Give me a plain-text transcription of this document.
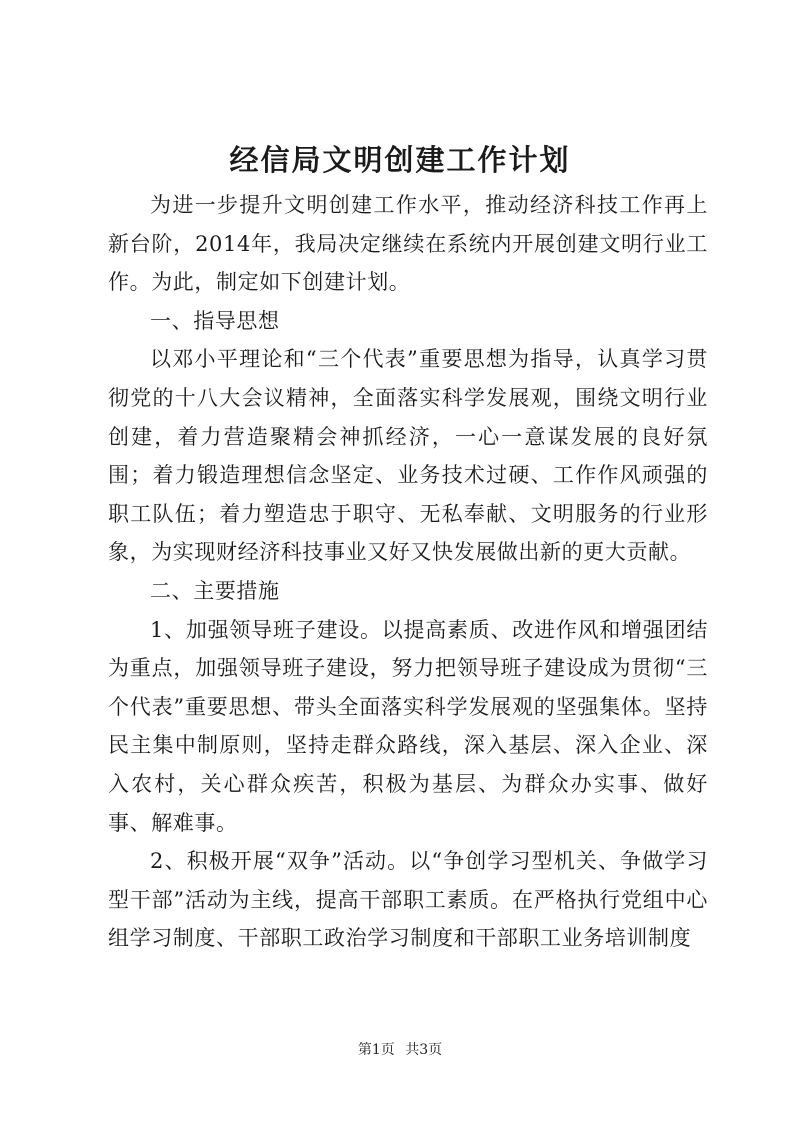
经信局文明创建工作计划

为进一步提升文明创建工作水平，推动经济科技工作再上新台阶，2014年，我局决定继续在系统内开展创建文明行业工作。为此，制定如下创建计划。

一、指导思想

以邓小平理论和“三个代表”重要思想为指导，认真学习贯彻党的十八大会议精神，全面落实科学发展观，围绕文明行业创建，着力营造聚精会神抓经济，一心一意谋发展的良好氛围；着力锻造理想信念坚定、业务技术过硬、工作作风顽强的职工队伍；着力塑造忠于职守、无私奉献、文明服务的行业形象，为实现财经济科技事业又好又快发展做出新的更大贡献。

二、主要措施

1、加强领导班子建设。以提高素质、改进作风和增强团结为重点，加强领导班子建设，努力把领导班子建设成为贯彻“三个代表”重要思想、带头全面落实科学发展观的坚强集体。坚持民主集中制原则，坚持走群众路线，深入基层、深入企业、深入农村，关心群众疾苦，积极为基层、为群众办实事、做好事、解难事。

2、积极开展“双争”活动。以“争创学习型机关、争做学习型干部”活动为主线，提高干部职工素质。在严格执行党组中心组学习制度、干部职工政治学习制度和干部职工业务培训制度

第1页 共3页
